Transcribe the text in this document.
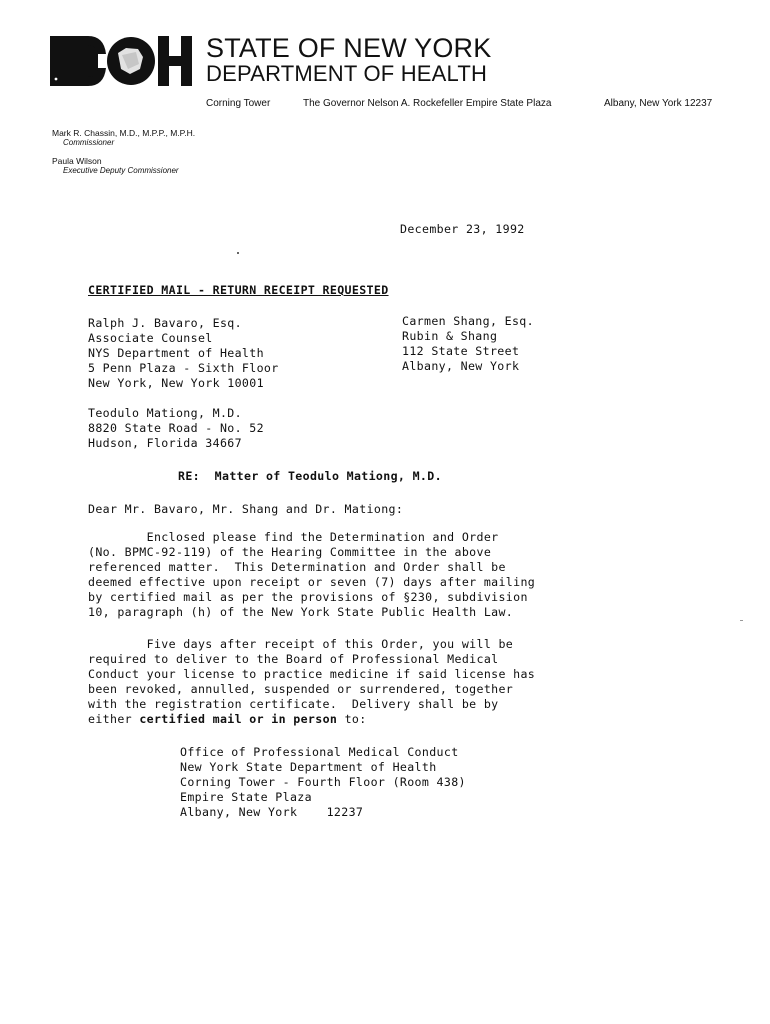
STATE OF NEW YORK
DEPARTMENT OF HEALTH
Corning Tower	The Governor Nelson A. Rockefeller Empire State Plaza	Albany, New York 12237
Mark R. Chassin, M.D., M.P.P., M.P.H.
Commissioner
Paula Wilson
Executive Deputy Commissioner
December 23, 1992
CERTIFIED MAIL - RETURN RECEIPT REQUESTED
Ralph J. Bavaro, Esq.
Associate Counsel
NYS Department of Health
5 Penn Plaza - Sixth Floor
New York, New York 10001
Carmen Shang, Esq.
Rubin & Shang
112 State Street
Albany, New York
Teodulo Mationg, M.D.
8820 State Road - No. 52
Hudson, Florida 34667
RE: Matter of Teodulo Mationg, M.D.
Dear Mr. Bavaro, Mr. Shang and Dr. Mationg:
Enclosed please find the Determination and Order
(No. BPMC-92-119) of the Hearing Committee in the above
referenced matter.  This Determination and Order shall be
deemed effective upon receipt or seven (7) days after mailing
by certified mail as per the provisions of §230, subdivision
10, paragraph (h) of the New York State Public Health Law.
Five days after receipt of this Order, you will be
required to deliver to the Board of Professional Medical
Conduct your license to practice medicine if said license has
been revoked, annulled, suspended or surrendered, together
with the registration certificate.  Delivery shall be by
either certified mail or in person to:
Office of Professional Medical Conduct
New York State Department of Health
Corning Tower - Fourth Floor (Room 438)
Empire State Plaza
Albany, New York    12237
